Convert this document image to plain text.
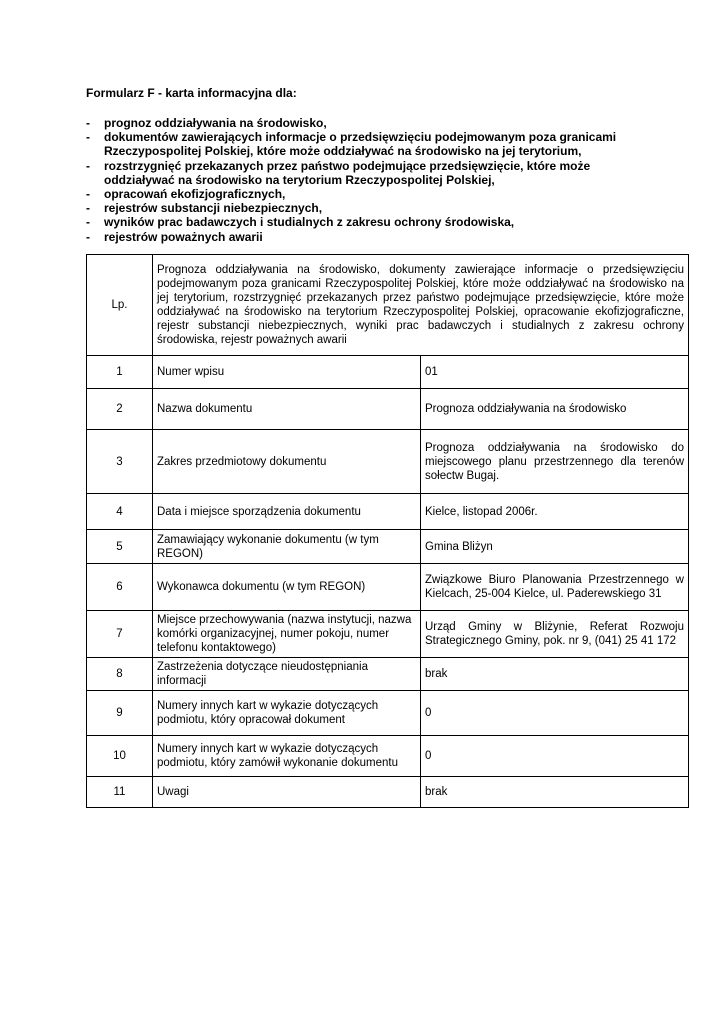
Formularz F - karta informacyjna dla:

- prognoz oddziaływania na środowisko,
- dokumentów zawierających informacje o przedsięwzięciu podejmowanym poza granicami Rzeczypospolitej Polskiej, które może oddziaływać na środowisko na jej terytorium,
- rozstrzygnięć przekazanych przez państwo podejmujące przedsięwzięcie, które może oddziaływać na środowisko na terytorium Rzeczypospolitej Polskiej,
- opracowań ekofizjograficznych,
- rejestrów substancji niebezpiecznych,
- wyników prac badawczych i studialnych z zakresu ochrony środowiska,
- rejestrów poważnych awarii
Lp.	Prognoza oddziaływania na środowisko, dokumenty zawierające informacje o przedsięwzięciu podejmowanym poza granicami Rzeczypospolitej Polskiej, które może oddziaływać na środowisko na jej terytorium, rozstrzygnięć przekazanych przez państwo podejmujące przedsięwzięcie, które może oddziaływać na środowisko na terytorium Rzeczypospolitej Polskiej, opracowanie ekofizjograficzne, rejestr substancji niebezpiecznych, wyniki prac badawczych i studialnych z zakresu ochrony środowiska, rejestr poważnych awarii	
1	Numer wpisu	01
2	Nazwa dokumentu	Prognoza oddziaływania na środowisko
3	Zakres przedmiotowy dokumentu	Prognoza oddziaływania na środowisko do miejscowego planu przestrzennego dla terenów sołectw Bugaj.
4	Data i miejsce sporządzenia dokumentu	Kielce, listopad 2006r.
5	Zamawiający wykonanie dokumentu (w tym REGON)	Gmina Bliżyn
6	Wykonawca dokumentu (w tym REGON)	Związkowe Biuro Planowania Przestrzennego w Kielcach, 25-004 Kielce, ul. Paderewskiego 31
7	Miejsce przechowywania (nazwa instytucji, nazwa komórki organizacyjnej, numer pokoju, numer telefonu kontaktowego)	Urząd Gminy w Bliżynie, Referat Rozwoju Strategicznego Gminy, pok. nr 9, (041) 25 41 172
8	Zastrzeżenia dotyczące nieudostępniania informacji	brak
9	Numery innych kart w wykazie dotyczących podmiotu, który opracował dokument	0
10	Numery innych kart w wykazie dotyczących podmiotu, który zamówił wykonanie dokumentu	0
11	Uwagi	brak
